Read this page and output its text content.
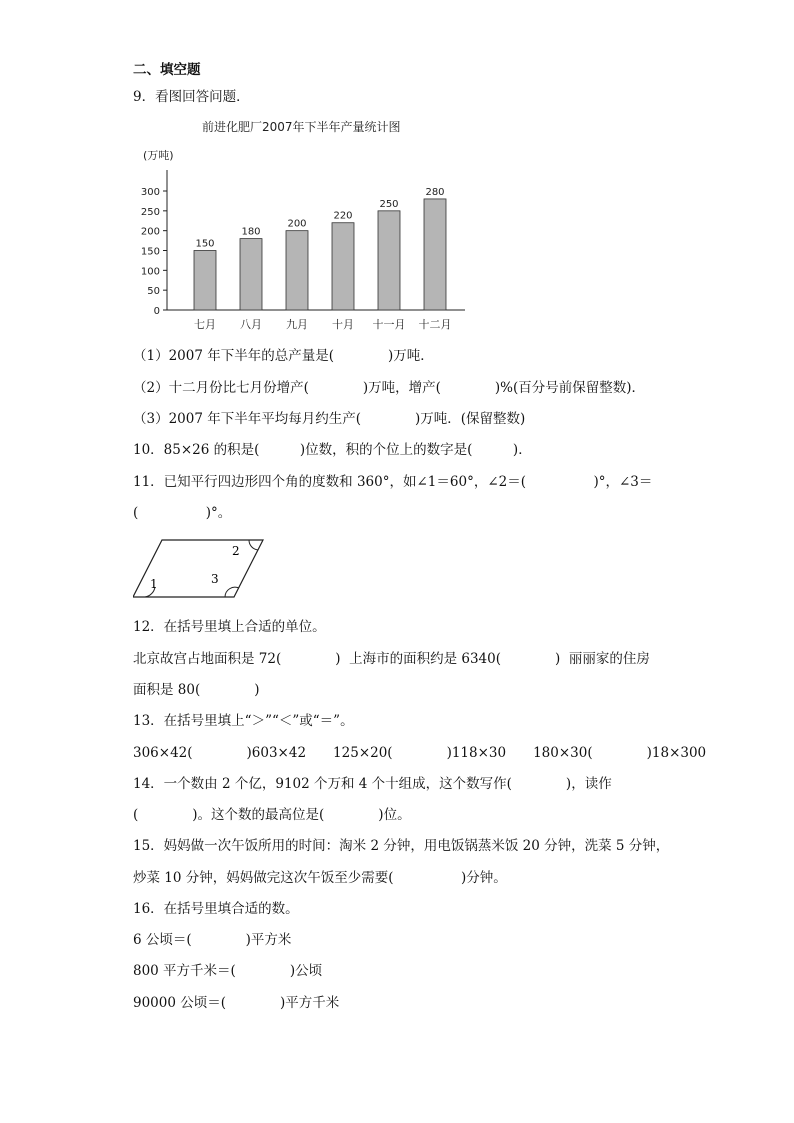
二、填空题
9．看图回答问题．
前进化肥厂2007年下半年产量统计图
(万吨)
0
50
100
150
200
250
300
150
七月
180
八月
200
九月
220
十月
250
十一月
280
十二月
（1）2007 年下半年的总产量是(　　　　)万吨．
（2）十二月份比七月份增产(　　　　)万吨，增产(　　　　)%(百分号前保留整数)．
（3）2007 年下半年平均每月约生产(　　　　)万吨．(保留整数)
10．85×26 的积是(　　　)位数，积的个位上的数字是(　　　)．
11．已知平行四边形四个角的度数和 360°，如∠1＝60°，∠2＝(　　　　　)°，∠3＝
(　　　　　)°。
1
2
3
12．在括号里填上合适的单位。
北京故宫占地面积是 72(　　　　)  上海市的面积约是 6340(　　　　)  丽丽家的住房
面积是 80(　　　　)
13．在括号里填上“＞”“＜”或“＝”。
306×42(　　　　)603×42　　125×20(　　　　)118×30　　180×30(　　　　)18×300
14．一个数由 2 个亿，9102 个万和 4 个十组成，这个数写作(　　　　)，读作
(　　　　)。这个数的最高位是(　　　　)位。
15．妈妈做一次午饭所用的时间：淘米 2 分钟，用电饭锅蒸米饭 20 分钟，洗菜 5 分钟，
炒菜 10 分钟，妈妈做完这次午饭至少需要(　　　　　)分钟。
16．在括号里填合适的数。
6 公顷＝(　　　　)平方米
800 平方千米＝(　　　　)公顷
90000 公顷＝(　　　　)平方千米
